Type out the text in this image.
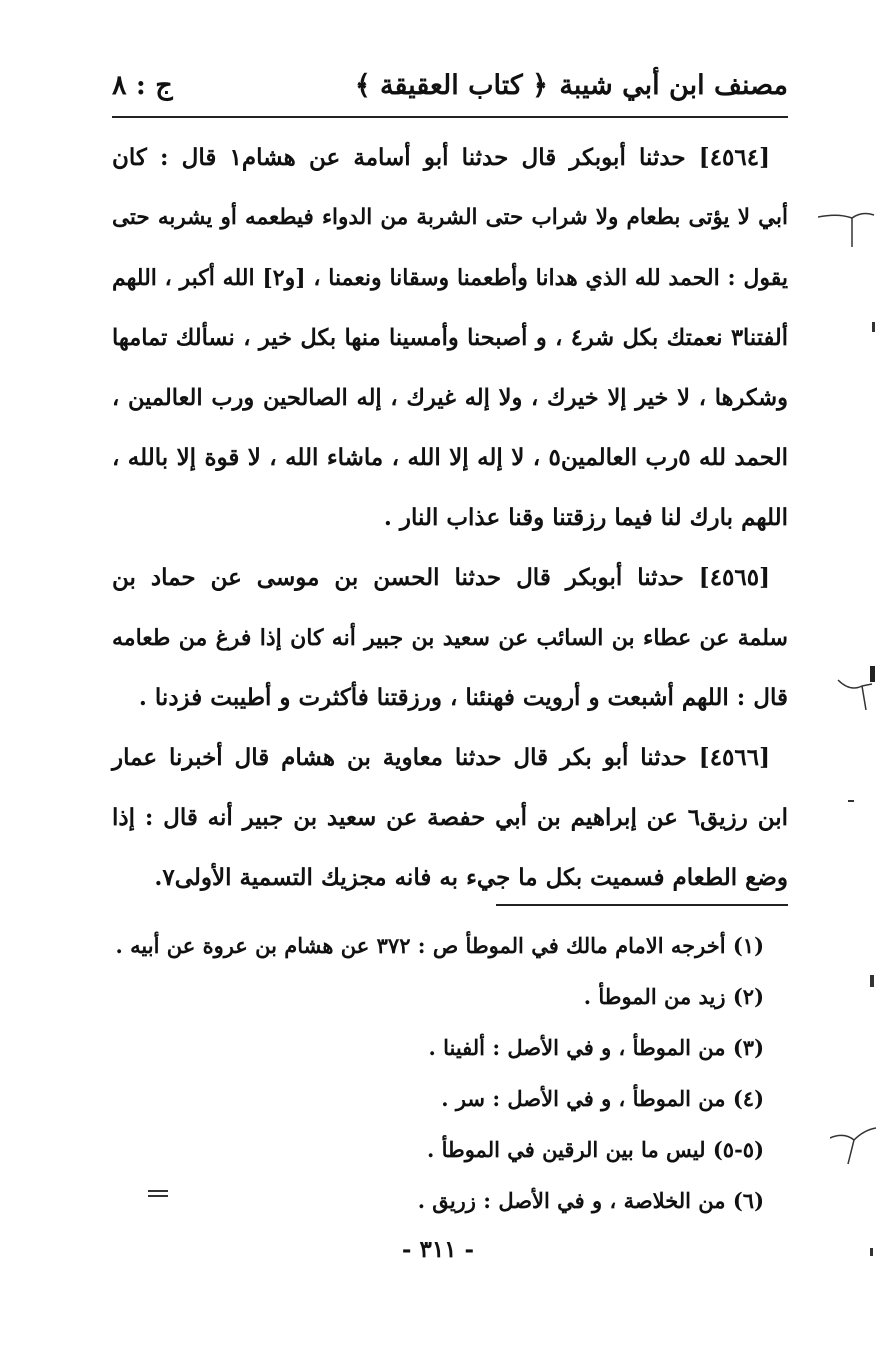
مصنف ابن أبي شيبة
﴿ كتاب العقيقة ﴾
ج : ٨
[٤٥٦٤] حدثنا أبوبكر قال حدثنا أبو أسامة عن هشام١ قال : كان
أبي لا يؤتى بطعام ولا شراب حتى الشربة من الدواء فيطعمه أو يشربه حتى
يقول : الحمد لله الذي هدانا وأطعمنا وسقانا ونعمنا ، [و٢] الله أكبر ، اللهم
ألفتنا٣ نعمتك بكل شر٤ ، و أصبحنا وأمسينا منها بكل خير ، نسألك تمامها
وشكرها ، لا خير إلا خيرك ، ولا إله غيرك ، إله الصالحين ورب العالمين ،
الحمد لله ٥رب العالمين٥ ، لا إله إلا الله ، ماشاء الله ، لا قوة إلا بالله ،
اللهم بارك لنا فيما رزقتنا وقنا عذاب النار .
[٤٥٦٥] حدثنا أبوبكر قال حدثنا الحسن بن موسى عن حماد بن
سلمة عن عطاء بن السائب عن سعيد بن جبير أنه كان إذا فرغ من طعامه
قال : اللهم أشبعت و أرويت فهنئنا ، ورزقتنا فأكثرت و أطيبت فزدنا .
[٤٥٦٦] حدثنا أبو بكر قال حدثنا معاوية بن هشام قال أخبرنا عمار
ابن رزيق٦ عن إبراهيم بن أبي حفصة عن سعيد بن جبير أنه قال : إذا
وضع الطعام فسميت بكل ما جيء به فانه مجزيك التسمية الأولى٧.
(١) أخرجه الامام مالك في الموطأ ص : ٣٧٢ عن هشام بن عروة عن أبيه .
(٢) زيد من الموطأ .
(٣) من الموطأ ، و في الأصل : ألفينا .
(٤) من الموطأ ، و في الأصل : سر .
(٥-٥) ليس ما بين الرقين في الموطأ .
(٦) من الخلاصة ، و في الأصل : زريق .
- ٣١١ -
